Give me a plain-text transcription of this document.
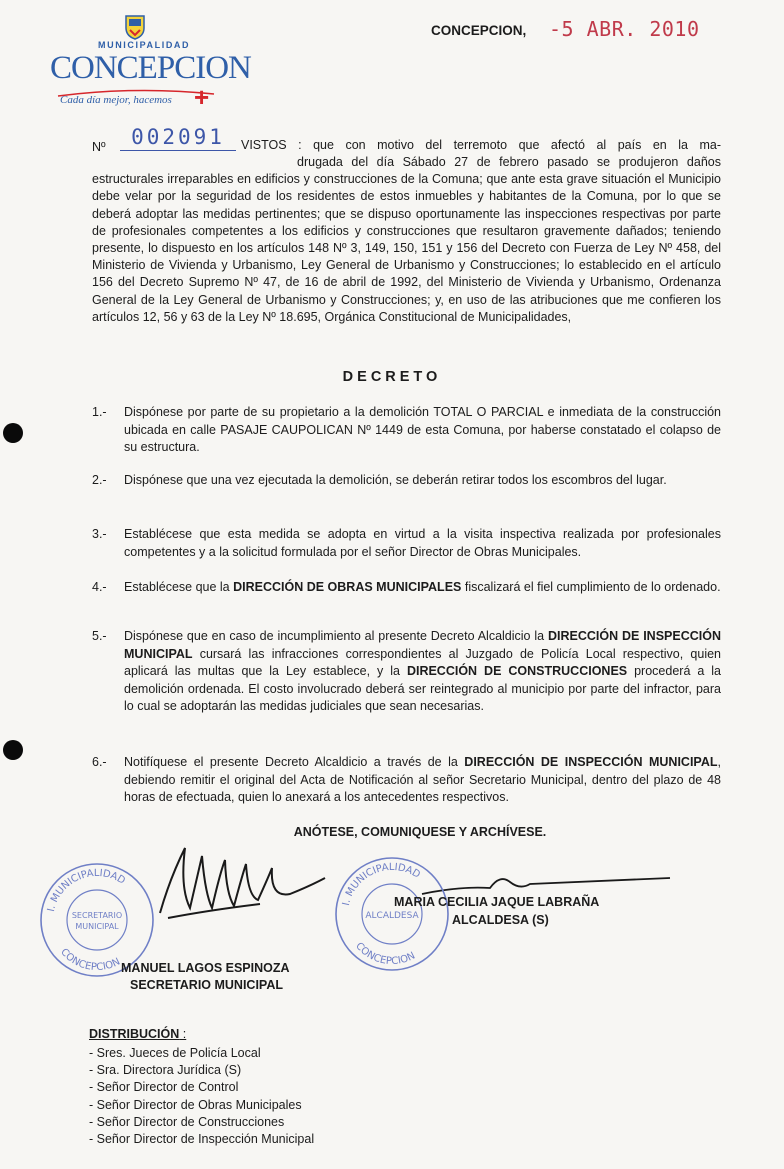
MUNICIPALIDAD
CONCEPCION
Cada día mejor, hacemos +
CONCEPCION, -5 ABR. 2010
Nº	002091	VISTOS : que con motivo del terremoto que afectó al país en la ma-
drugada del día Sábado 27 de febrero pasado se produjeron daños estructurales irreparables en edificios y construcciones de la Comuna; que ante esta grave situación el Municipio debe velar por la seguridad de los residentes de estos inmuebles y habitantes de la Comuna, por lo que se deberá adoptar las medidas pertinentes; que se dispuso oportunamente las inspecciones respectivas por parte de profesionales competentes a los edificios y construcciones que resultaron gravemente dañados; teniendo presente, lo dispuesto en los artículos 148 Nº 3, 149, 150, 151 y 156 del Decreto con Fuerza de Ley Nº 458, del Ministerio de Vivienda y Urbanismo, Ley General de Urbanismo y Construcciones; lo establecido en el artículo 156 del Decreto Supremo Nº 47, de 16 de abril de 1992, del Ministerio de Vivienda y Urbanismo, Ordenanza General de la Ley General de Urbanismo y Construcciones; y, en uso de las atribuciones que me confieren los artículos 12, 56 y 63 de la Ley Nº 18.695, Orgánica Constitucional de Municipalidades,
DECRETO
1.- Dispónese por parte de su propietario a la demolición TOTAL O PARCIAL e inmediata de la construcción ubicada en calle PASAJE CAUPOLICAN Nº 1449 de esta Comuna, por haberse constatado el colapso de su estructura.
2.- Dispónese que una vez ejecutada la demolición, se deberán retirar todos los escombros del lugar.
3.- Establécese que esta medida se adopta en virtud a la visita inspectiva realizada por profesionales competentes y a la solicitud formulada por el señor Director de Obras Municipales.
4.- Establécese que la DIRECCIÓN DE OBRAS MUNICIPALES fiscalizará el fiel cumplimiento de lo ordenado.
5.- Dispónese que en caso de incumplimiento al presente Decreto Alcaldicio la DIRECCIÓN DE INSPECCIÓN MUNICIPAL cursará las infracciones correspondientes al Juzgado de Policía Local respectivo, quien aplicará las multas que la Ley establece, y la DIRECCIÓN DE CONSTRUCCIONES procederá a la demolición ordenada. El costo involucrado deberá ser reintegrado al municipio por parte del infractor, para lo cual se adoptarán las medidas judiciales que sean necesarias.
6.- Notifíquese el presente Decreto Alcaldicio a través de la DIRECCIÓN DE INSPECCIÓN MUNICIPAL, debiendo remitir el original del Acta de Notificación al señor Secretario Municipal, dentro del plazo de 48 horas de efectuada, quien lo anexará a los antecedentes respectivos.
ANÓTESE, COMUNIQUESE Y ARCHÍVESE.
I. MUNICIPALIDAD
CONCEPCION
SECRETARIO
MUNICIPAL
I. MUNICIPALIDAD
CONCEPCION
ALCALDESA
MARIA CECILIA JAQUE LABRAÑA
ALCALDESA (S)
MANUEL LAGOS ESPINOZA
SECRETARIO MUNICIPAL
DISTRIBUCIÓN :
- Sres. Jueces de Policía Local
- Sra. Directora Jurídica (S)
- Señor Director de Control
- Señor Director de Obras Municipales
- Señor Director de Construcciones
- Señor Director de Inspección Municipal
